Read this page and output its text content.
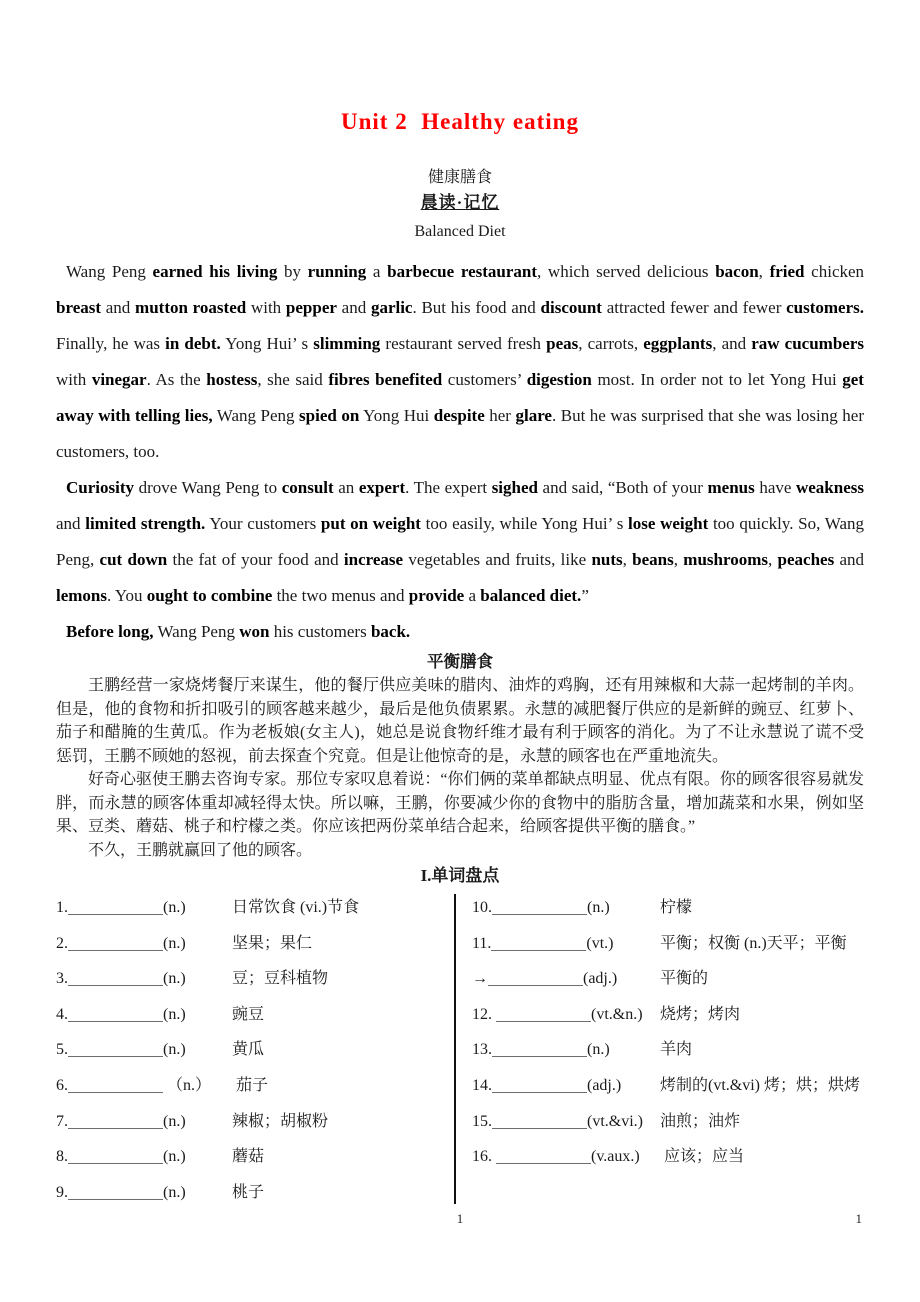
Unit 2  Healthy eating
健康膳食
晨读·记忆
Balanced Diet

Wang Peng earned his living by running a barbecue restaurant, which served delicious bacon, fried chicken breast and mutton roasted with pepper and garlic. But his food and discount attracted fewer and fewer customers. Finally, he was in debt. Yong Hui’ s slimming restaurant served fresh peas, carrots, eggplants, and raw cucumbers with vinegar. As the hostess, she said fibres benefited customers’ digestion most. In order not to let Yong Hui get away with telling lies, Wang Peng spied on Yong Hui despite her glare. But he was surprised that she was losing her customers, too.

Curiosity drove Wang Peng to consult an expert. The expert sighed and said, “Both of your menus have weakness and limited strength. Your customers put on weight too easily, while Yong Hui’ s lose weight too quickly. So, Wang Peng, cut down the fat of your food and increase vegetables and fruits, like nuts, beans, mushrooms, peaches and lemons. You ought to combine the two menus and provide a balanced diet.”

Before long, Wang Peng won his customers back.

平衡膳食

王鹏经营一家烧烤餐厅来谋生，他的餐厅供应美味的腊肉、油炸的鸡胸，还有用辣椒和大蒜一起烤制的羊肉。但是，他的食物和折扣吸引的顾客越来越少，最后是他负债累累。永慧的减肥餐厅供应的是新鲜的豌豆、红萝卜、茄子和醋腌的生黄瓜。作为老板娘(女主人)，她总是说食物纤维才最有利于顾客的消化。为了不让永慧说了谎不受惩罚，王鹏不顾她的怒视，前去探查个究竟。但是让他惊奇的是，永慧的顾客也在严重地流失。

好奇心驱使王鹏去咨询专家。那位专家叹息着说：“你们俩的菜单都缺点明显、优点有限。你的顾客很容易就发胖，而永慧的顾客体重却减轻得太快。所以嘛，王鹏，你要减少你的食物中的脂肪含量，增加蔬菜和水果，例如坚果、豆类、蘑菇、桃子和柠檬之类。你应该把两份菜单结合起来，给顾客提供平衡的膳食。”

不久，王鹏就赢回了他的顾客。

I.单词盘点
1.	(n.)	日常饮食 (vi.)节食
2.	(n.)	坚果；果仁
3.	(n.)	豆；豆科植物
4.	(n.)	豌豆
5.	(n.)	黄瓜
6.	（n.） 茄子
7.	(n.)	辣椒；胡椒粉
8.	(n.)	蘑菇
9.	(n.)	桃子
10.	(n.)	柠檬
11.	(vt.)	平衡；权衡 (n.)天平；平衡
→	(adj.)	平衡的
12.	(vt.&n.) 烧烤；烤肉
13.	(n.)	羊肉
14.	(adj.) 烤制的(vt.&vi) 烤；烘；烘烤
15.	(vt.&vi.) 油煎；油炸
16.	(v.aux.) 应该；应当
1	1
